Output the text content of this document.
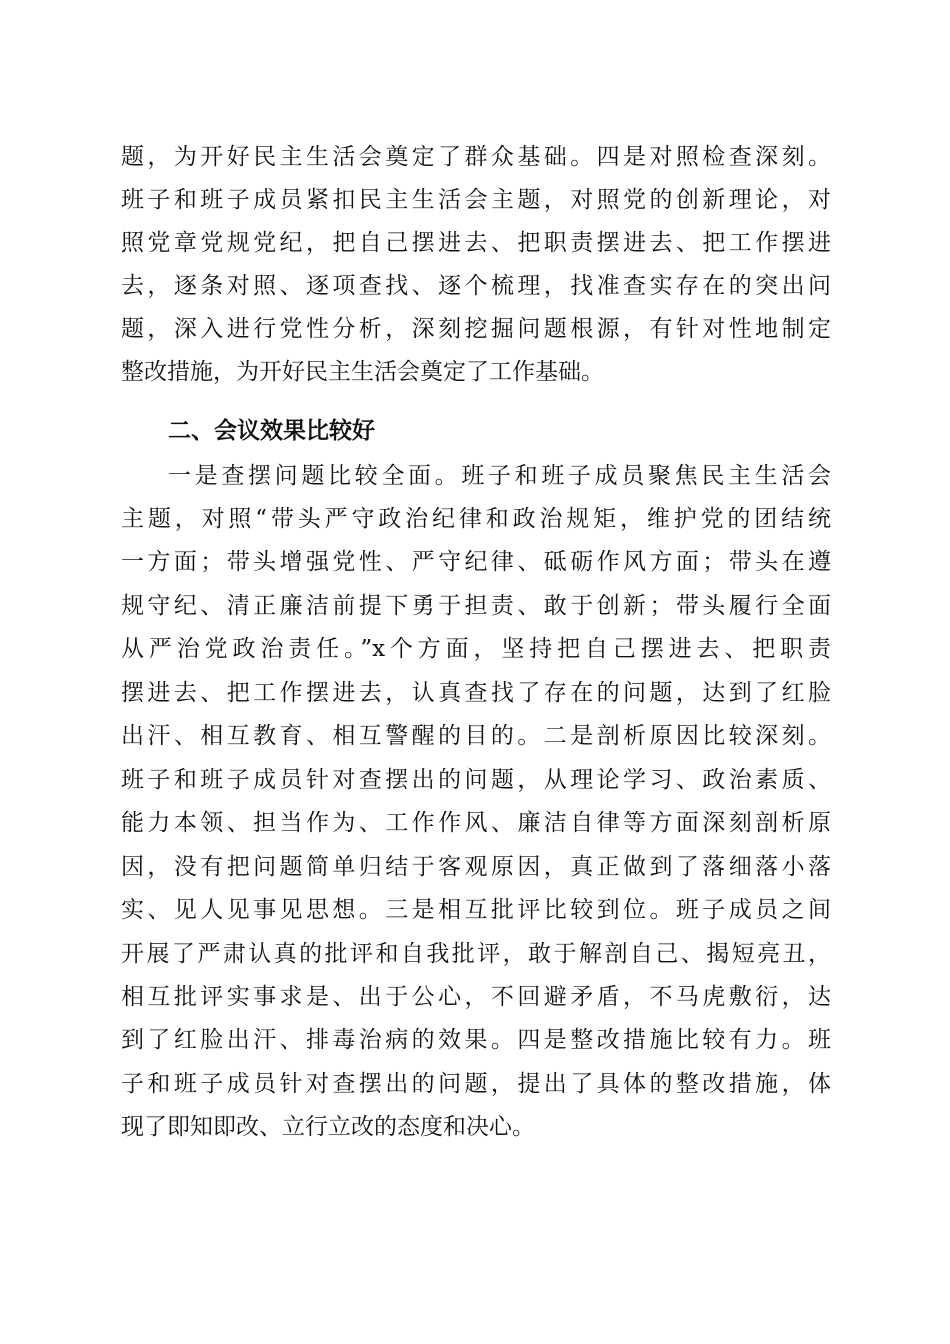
题，为开好民主生活会奠定了群众基础。四是对照检查深刻。
班子和班子成员紧扣民主生活会主题，对照党的创新理论，对
照党章党规党纪，把自己摆进去、把职责摆进去、把工作摆进
去，逐条对照、逐项查找、逐个梳理，找准查实存在的突出问
题，深入进行党性分析，深刻挖掘问题根源，有针对性地制定
整改措施，为开好民主生活会奠定了工作基础。
二、会议效果比较好
一是查摆问题比较全面。班子和班子成员聚焦民主生活会
主题，对照“带头严守政治纪律和政治规矩，维护党的团结统
一方面；带头增强党性、严守纪律、砥砺作风方面；带头在遵
规守纪、清正廉洁前提下勇于担责、敢于创新；带头履行全面
从严治党政治责任。”x个方面，坚持把自己摆进去、把职责
摆进去、把工作摆进去，认真查找了存在的问题，达到了红脸
出汗、相互教育、相互警醒的目的。二是剖析原因比较深刻。
班子和班子成员针对查摆出的问题，从理论学习、政治素质、
能力本领、担当作为、工作作风、廉洁自律等方面深刻剖析原
因，没有把问题简单归结于客观原因，真正做到了落细落小落
实、见人见事见思想。三是相互批评比较到位。班子成员之间
开展了严肃认真的批评和自我批评，敢于解剖自己、揭短亮丑，
相互批评实事求是、出于公心，不回避矛盾，不马虎敷衍，达
到了红脸出汗、排毒治病的效果。四是整改措施比较有力。班
子和班子成员针对查摆出的问题，提出了具体的整改措施，体
现了即知即改、立行立改的态度和决心。
